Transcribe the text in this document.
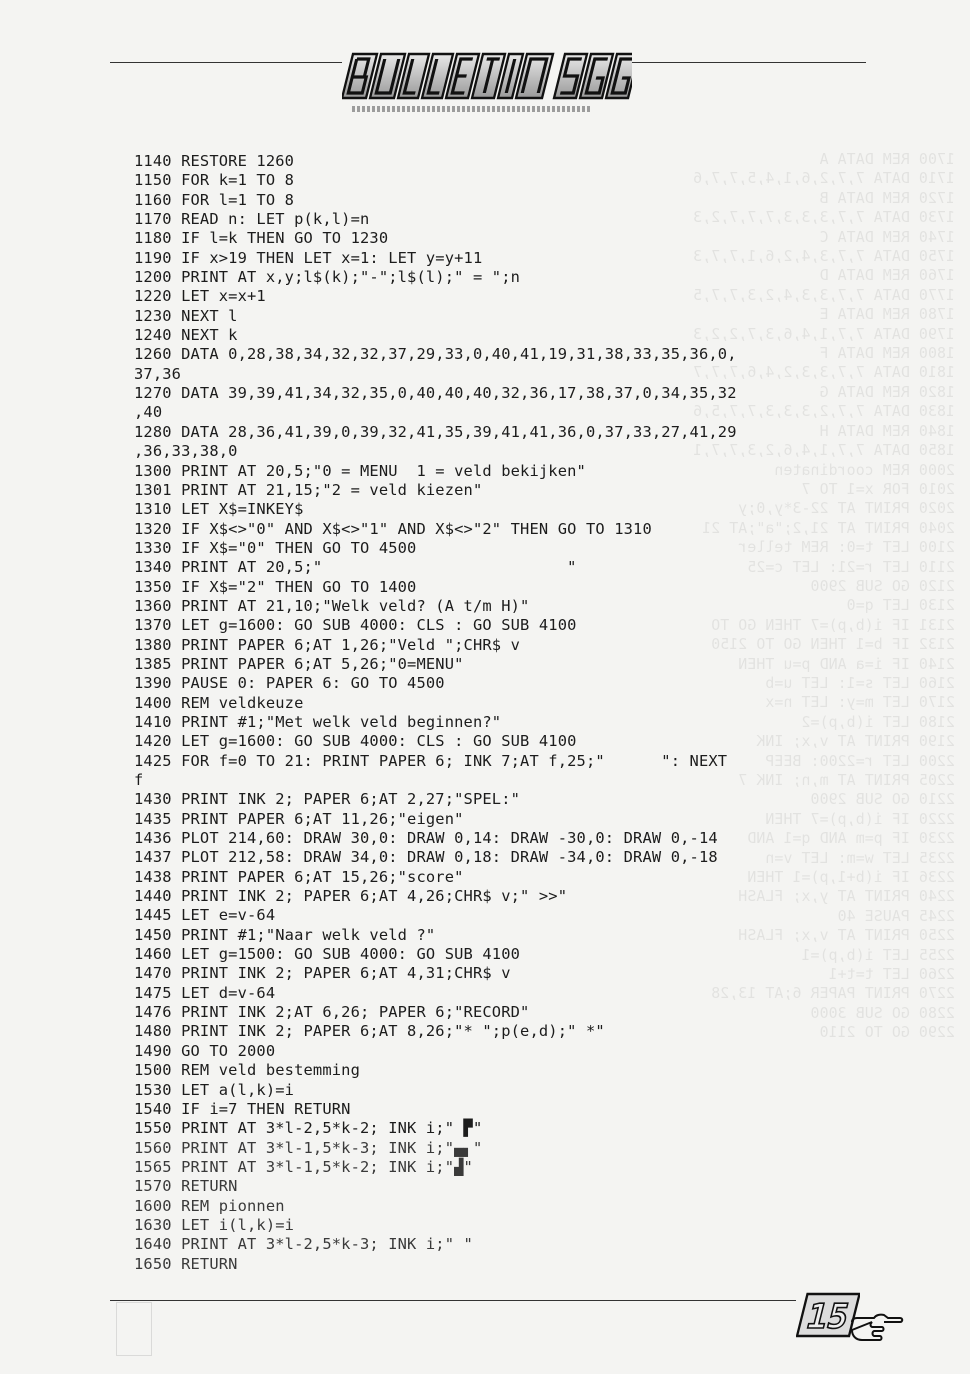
1700 REM DATA A
1710 DATA 7,7,2,6,1,4,5,7,7,6
1720 REM DATA B
1730 DATA 7,7,3,3,3,7,7,7,2,3
1740 REM DATA C
1750 DATA 7,7,3,4,2,6,1,7,7,3
1760 REM DATA D
1770 DATA 7,7,3,3,4,2,3,7,7,5
1780 REM DATA E
1790 DATA 7,7,1,4,6,3,7,2,2,3
1800 REM DATA F
1810 DATA 7,7,3,3,2,4,6,7,7,7
1820 REM DATA G
1830 DATA 7,7,2,3,3,3,7,7,5,6
1840 REM DATA H
1850 DATA 7,7,1,4,6,2,3,7,7,1
2000 REM coordinaten
2010 FOR x=1 TO 7
2020 PRINT AT 22-3*y,0;y
2040 PRINT AT 21,2;"a";AT 21
2100 LET t=0: REM teller
2110 LET r=21: LET c=25
2120 GO SUB 2900
2130 LET q=0
2131 IF i(b,p)=7 THEN GO TO
2132 IF b=1 THEN GO TO 2150
2140 IF i=a AND p=u THEN
2160 LET s=1: LET u=b
2170 LET m=y: LET n=x
2180 LET i(b,p)=2
2190 PRINT AT v,x; INK
2200 LET r=2200: BEEP
2205 PRINT AT m,n; INK 7
2210 GO SUB 2900
2220 IF i(b,p)=7 THEN
2230 IF p=m AND q=1 AND
2235 LET w=m: LET v=n
2236 IF i(b+1,p)=1 THEN
2240 PRINT AT y,x; FLASH
2245 PAUSE 40
2250 PRINT AT v,x; FLASH
2255 LET i(b,p)=1
2260 LET t=t+1
2270 PRINT PAPER 6;AT 13,28
2280 GO SUB 3000
2290 GO TO 2110
1140 RESTORE 1260
1150 FOR k=1 TO 8
1160 FOR l=1 TO 8
1170 READ n: LET p(k,l)=n
1180 IF l=k THEN GO TO 1230
1190 IF x>19 THEN LET x=1: LET y=y+11
1200 PRINT AT x,y;l$(k);"-";l$(l);" = ";n
1220 LET x=x+1
1230 NEXT l
1240 NEXT k
1260 DATA 0,28,38,34,32,32,37,29,33,0,40,41,19,31,38,33,35,36,0,
37,36
1270 DATA 39,39,41,34,32,35,0,40,40,40,32,36,17,38,37,0,34,35,32
,40
1280 DATA 28,36,41,39,0,39,32,41,35,39,41,41,36,0,37,33,27,41,29
,36,33,38,0
1300 PRINT AT 20,5;"0 = MENU  1 = veld bekijken"
1301 PRINT AT 21,15;"2 = veld kiezen"
1310 LET X$=INKEY$
1320 IF X$<>"0" AND X$<>"1" AND X$<>"2" THEN GO TO 1310
1330 IF X$="0" THEN GO TO 4500
1340 PRINT AT 20,5;"                          "
1350 IF X$="2" THEN GO TO 1400
1360 PRINT AT 21,10;"Welk veld? (A t/m H)"
1370 LET g=1600: GO SUB 4000: CLS : GO SUB 4100
1380 PRINT PAPER 6;AT 1,26;"Veld ";CHR$ v
1385 PRINT PAPER 6;AT 5,26;"0=MENU"
1390 PAUSE 0: PAPER 6: GO TO 4500
1400 REM veldkeuze
1410 PRINT #1;"Met welk veld beginnen?"
1420 LET g=1600: GO SUB 4000: CLS : GO SUB 4100
1425 FOR f=0 TO 21: PRINT PAPER 6; INK 7;AT f,25;"      ": NEXT
f
1430 PRINT INK 2; PAPER 6;AT 2,27;"SPEL:"
1435 PRINT PAPER 6;AT 11,26;"eigen"
1436 PLOT 214,60: DRAW 30,0: DRAW 0,14: DRAW -30,0: DRAW 0,-14
1437 PLOT 212,58: DRAW 34,0: DRAW 0,18: DRAW -34,0: DRAW 0,-18
1438 PRINT PAPER 6;AT 15,26;"score"
1440 PRINT INK 2; PAPER 6;AT 4,26;CHR$ v;" >>"
1445 LET e=v-64
1450 PRINT #1;"Naar welk veld ?"
1460 LET g=1500: GO SUB 4000: GO SUB 4100
1470 PRINT INK 2; PAPER 6;AT 4,31;CHR$ v
1475 LET d=v-64
1476 PRINT INK 2;AT 6,26; PAPER 6;"RECORD"
1480 PRINT INK 2; PAPER 6;AT 8,26;"* ";p(e,d);" *"
1490 GO TO 2000
1500 REM veld bestemming
1530 LET a(l,k)=i
1540 IF i=7 THEN RETURN
1550 PRINT AT 3*l-2,5*k-2; INK i;" ▛"
1560 PRINT AT 3*l-1,5*k-3; INK i;"▄▖"
1565 PRINT AT 3*l-1,5*k-2; INK i;"▟"
1570 RETURN
1600 REM pionnen
1630 LET i(l,k)=i
1640 PRINT AT 3*l-2,5*k-3; INK i;" "
1650 RETURN
15
